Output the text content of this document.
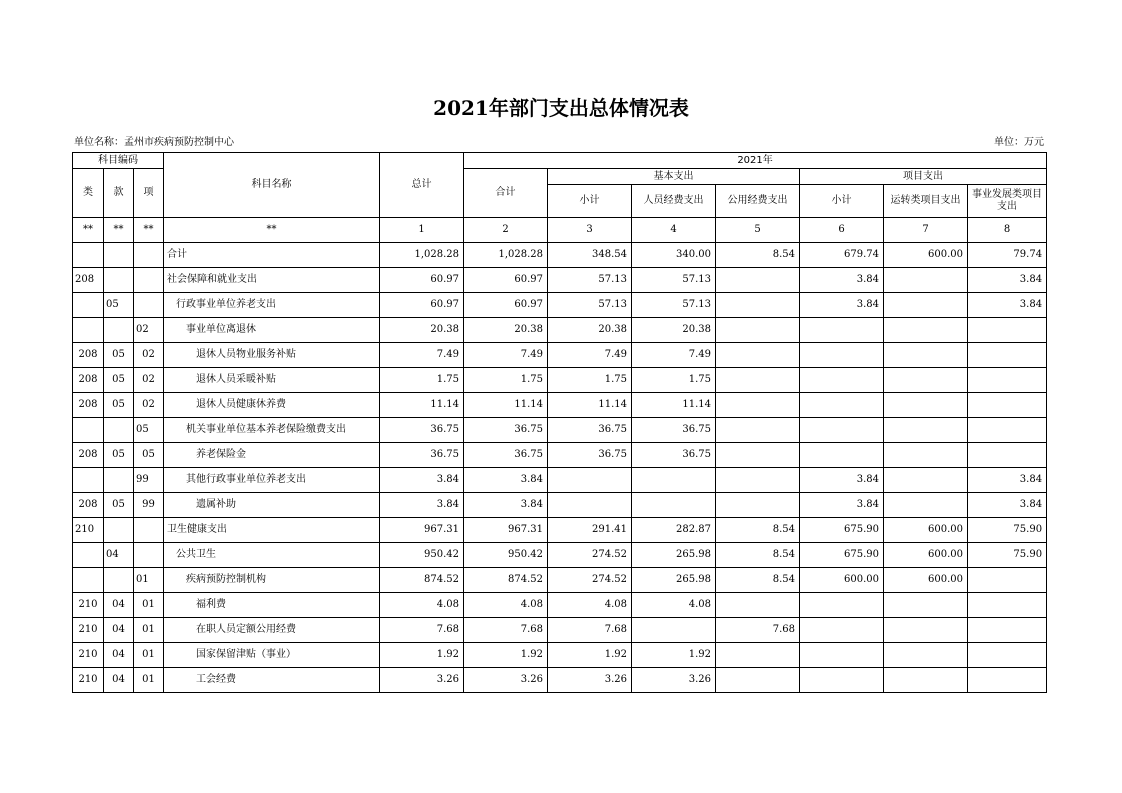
2021年部门支出总体情况表
单位名称：孟州市疾病预防控制中心	单位：万元
科目编码			科目名称	总计	2021年						
类	款	项			合计	基本支出			项目支出		
						小计	人员经费支出	公用经费支出	小计	运转类项目支出	事业发展类项目支出
**	**	**	**	1	2	3	4	5	6	7	8
			合计	1,028.28	1,028.28	348.54	340.00	8.54	679.74	600.00	79.74
208			社会保障和就业支出	60.97	60.97	57.13	57.13		3.84		3.84
	05		行政事业单位养老支出	60.97	60.97	57.13	57.13		3.84		3.84
		02	事业单位离退休	20.38	20.38	20.38	20.38				
208	05	02	退休人员物业服务补贴	7.49	7.49	7.49	7.49				
208	05	02	退休人员采暖补贴	1.75	1.75	1.75	1.75				
208	05	02	退休人员健康休养费	11.14	11.14	11.14	11.14				
		05	机关事业单位基本养老保险缴费支出	36.75	36.75	36.75	36.75				
208	05	05	养老保险金	36.75	36.75	36.75	36.75				
		99	其他行政事业单位养老支出	3.84	3.84				3.84		3.84
208	05	99	遗属补助	3.84	3.84				3.84		3.84
210			卫生健康支出	967.31	967.31	291.41	282.87	8.54	675.90	600.00	75.90
	04		公共卫生	950.42	950.42	274.52	265.98	8.54	675.90	600.00	75.90
		01	疾病预防控制机构	874.52	874.52	274.52	265.98	8.54	600.00	600.00	
210	04	01	福利费	4.08	4.08	4.08	4.08				
210	04	01	在职人员定额公用经费	7.68	7.68	7.68		7.68			
210	04	01	国家保留津贴（事业）	1.92	1.92	1.92	1.92				
210	04	01	工会经费	3.26	3.26	3.26	3.26				
